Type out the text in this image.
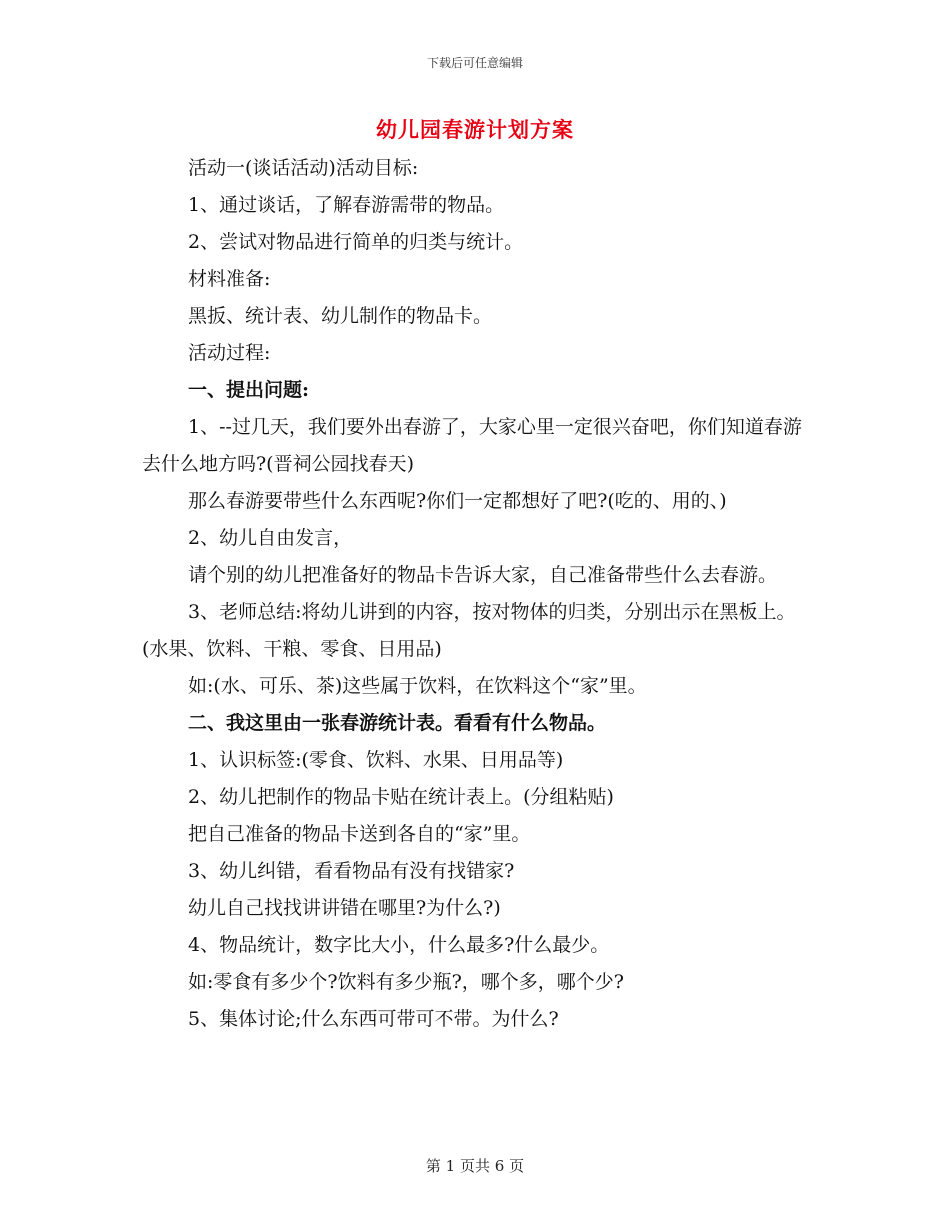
下载后可任意编辑
幼儿园春游计划方案

活动一(谈话活动)活动目标:

1、通过谈话，了解春游需带的物品。

2、尝试对物品进行简单的归类与统计。

材料准备:

黑扳、统计表、幼儿制作的物品卡。

活动过程:

一、提出问题:

1、--过几天，我们要外出春游了，大家心里一定很兴奋吧，你们知道春游去什么地方吗?(晋祠公园找春天)

那么春游要带些什么东西呢?你们一定都想好了吧?(吃的、用的、)

2、幼儿自由发言，

请个别的幼儿把准备好的物品卡告诉大家，自己准备带些什么去春游。

3、老师总结:将幼儿讲到的内容，按对物体的归类，分别出示在黑板上。(水果、饮料、干粮、零食、日用品)

如:(水、可乐、茶)这些属于饮料，在饮料这个“家”里。

二、我这里由一张春游统计表。看看有什么物品。

1、认识标签:(零食、饮料、水果、日用品等)

2、幼儿把制作的物品卡贴在统计表上。(分组粘贴)

把自己准备的物品卡送到各自的“家”里。

3、幼儿纠错，看看物品有没有找错家?

幼儿自己找找讲讲错在哪里?为什么?)

4、物品统计，数字比大小，什么最多?什么最少。

如:零食有多少个?饮料有多少瓶?，哪个多，哪个少?

5、集体讨论;什么东西可带可不带。为什么?

第 1 页共 6 页
